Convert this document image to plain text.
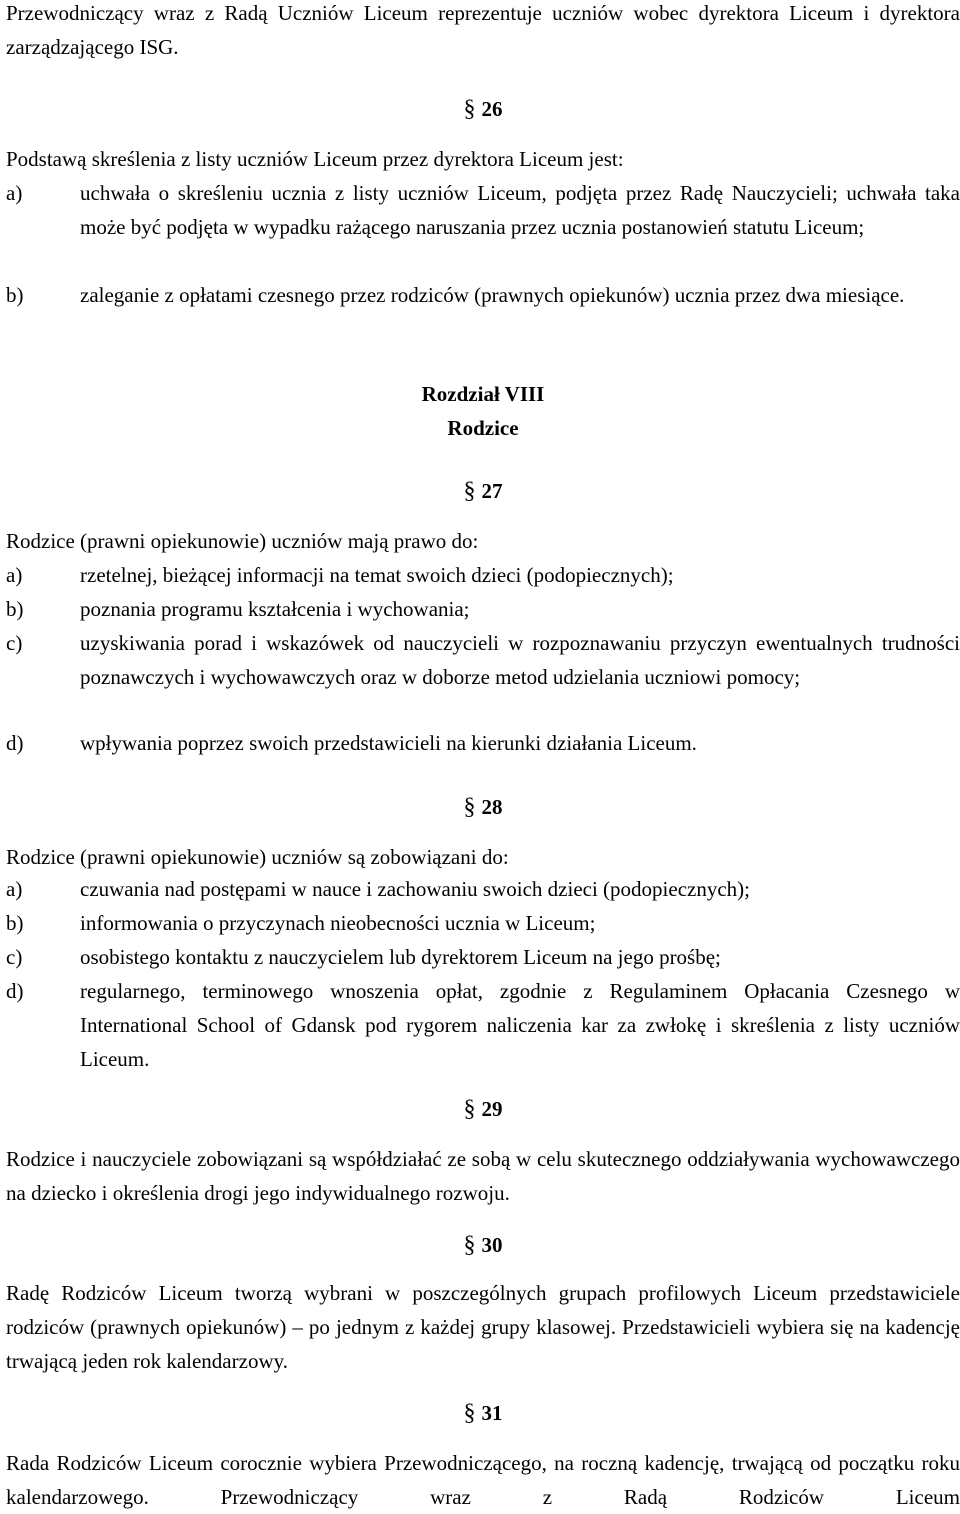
Przewodniczący wraz z Radą Uczniów Liceum reprezentuje uczniów wobec dyrektora Liceum i dyrektora zarządzającego ISG.
§ 26
Podstawą skreślenia z listy uczniów Liceum przez dyrektora Liceum jest:
a)	uchwała o skreśleniu ucznia z listy uczniów Liceum, podjęta przez Radę Nauczycieli; uchwała taka może być podjęta w wypadku rażącego naruszania przez ucznia postanowień statutu Liceum;
b)	zaleganie z opłatami czesnego przez rodziców (prawnych opiekunów) ucznia przez dwa miesiące.
Rozdział VIII
Rodzice
§ 27
Rodzice (prawni opiekunowie) uczniów mają prawo do:
a)	rzetelnej, bieżącej informacji na temat swoich dzieci (podopiecznych);
b)	poznania programu kształcenia i wychowania;
c)	uzyskiwania porad i wskazówek od nauczycieli w rozpoznawaniu przyczyn ewentualnych trudności poznawczych i wychowawczych oraz w doborze metod udzielania uczniowi pomocy;
d)	wpływania poprzez swoich przedstawicieli na kierunki działania Liceum.
§ 28
Rodzice (prawni opiekunowie) uczniów są zobowiązani do:
a)	czuwania nad postępami w nauce i zachowaniu swoich dzieci (podopiecznych);
b)	informowania o przyczynach nieobecności ucznia w Liceum;
c)	osobistego kontaktu z nauczycielem lub dyrektorem Liceum na jego prośbę;
d)	regularnego, terminowego wnoszenia opłat, zgodnie z Regulaminem Opłacania Czesnego w International School of Gdansk pod rygorem naliczenia kar za zwłokę i skreślenia z listy uczniów Liceum.
§ 29
Rodzice i nauczyciele zobowiązani są współdziałać ze sobą w celu skutecznego oddziaływania wychowawczego na dziecko i określenia drogi jego indywidualnego rozwoju.
§ 30
Radę Rodziców Liceum tworzą wybrani w poszczególnych grupach profilowych Liceum przedstawiciele rodziców (prawnych opiekunów) – po jednym z każdej grupy klasowej. Przedstawicieli wybiera się na kadencję trwającą jeden rok kalendarzowy.
§ 31
Rada Rodziców Liceum corocznie wybiera Przewodniczącego, na roczną kadencję, trwającą od początku roku kalendarzowego. Przewodniczący wraz z Radą Rodziców Liceum
